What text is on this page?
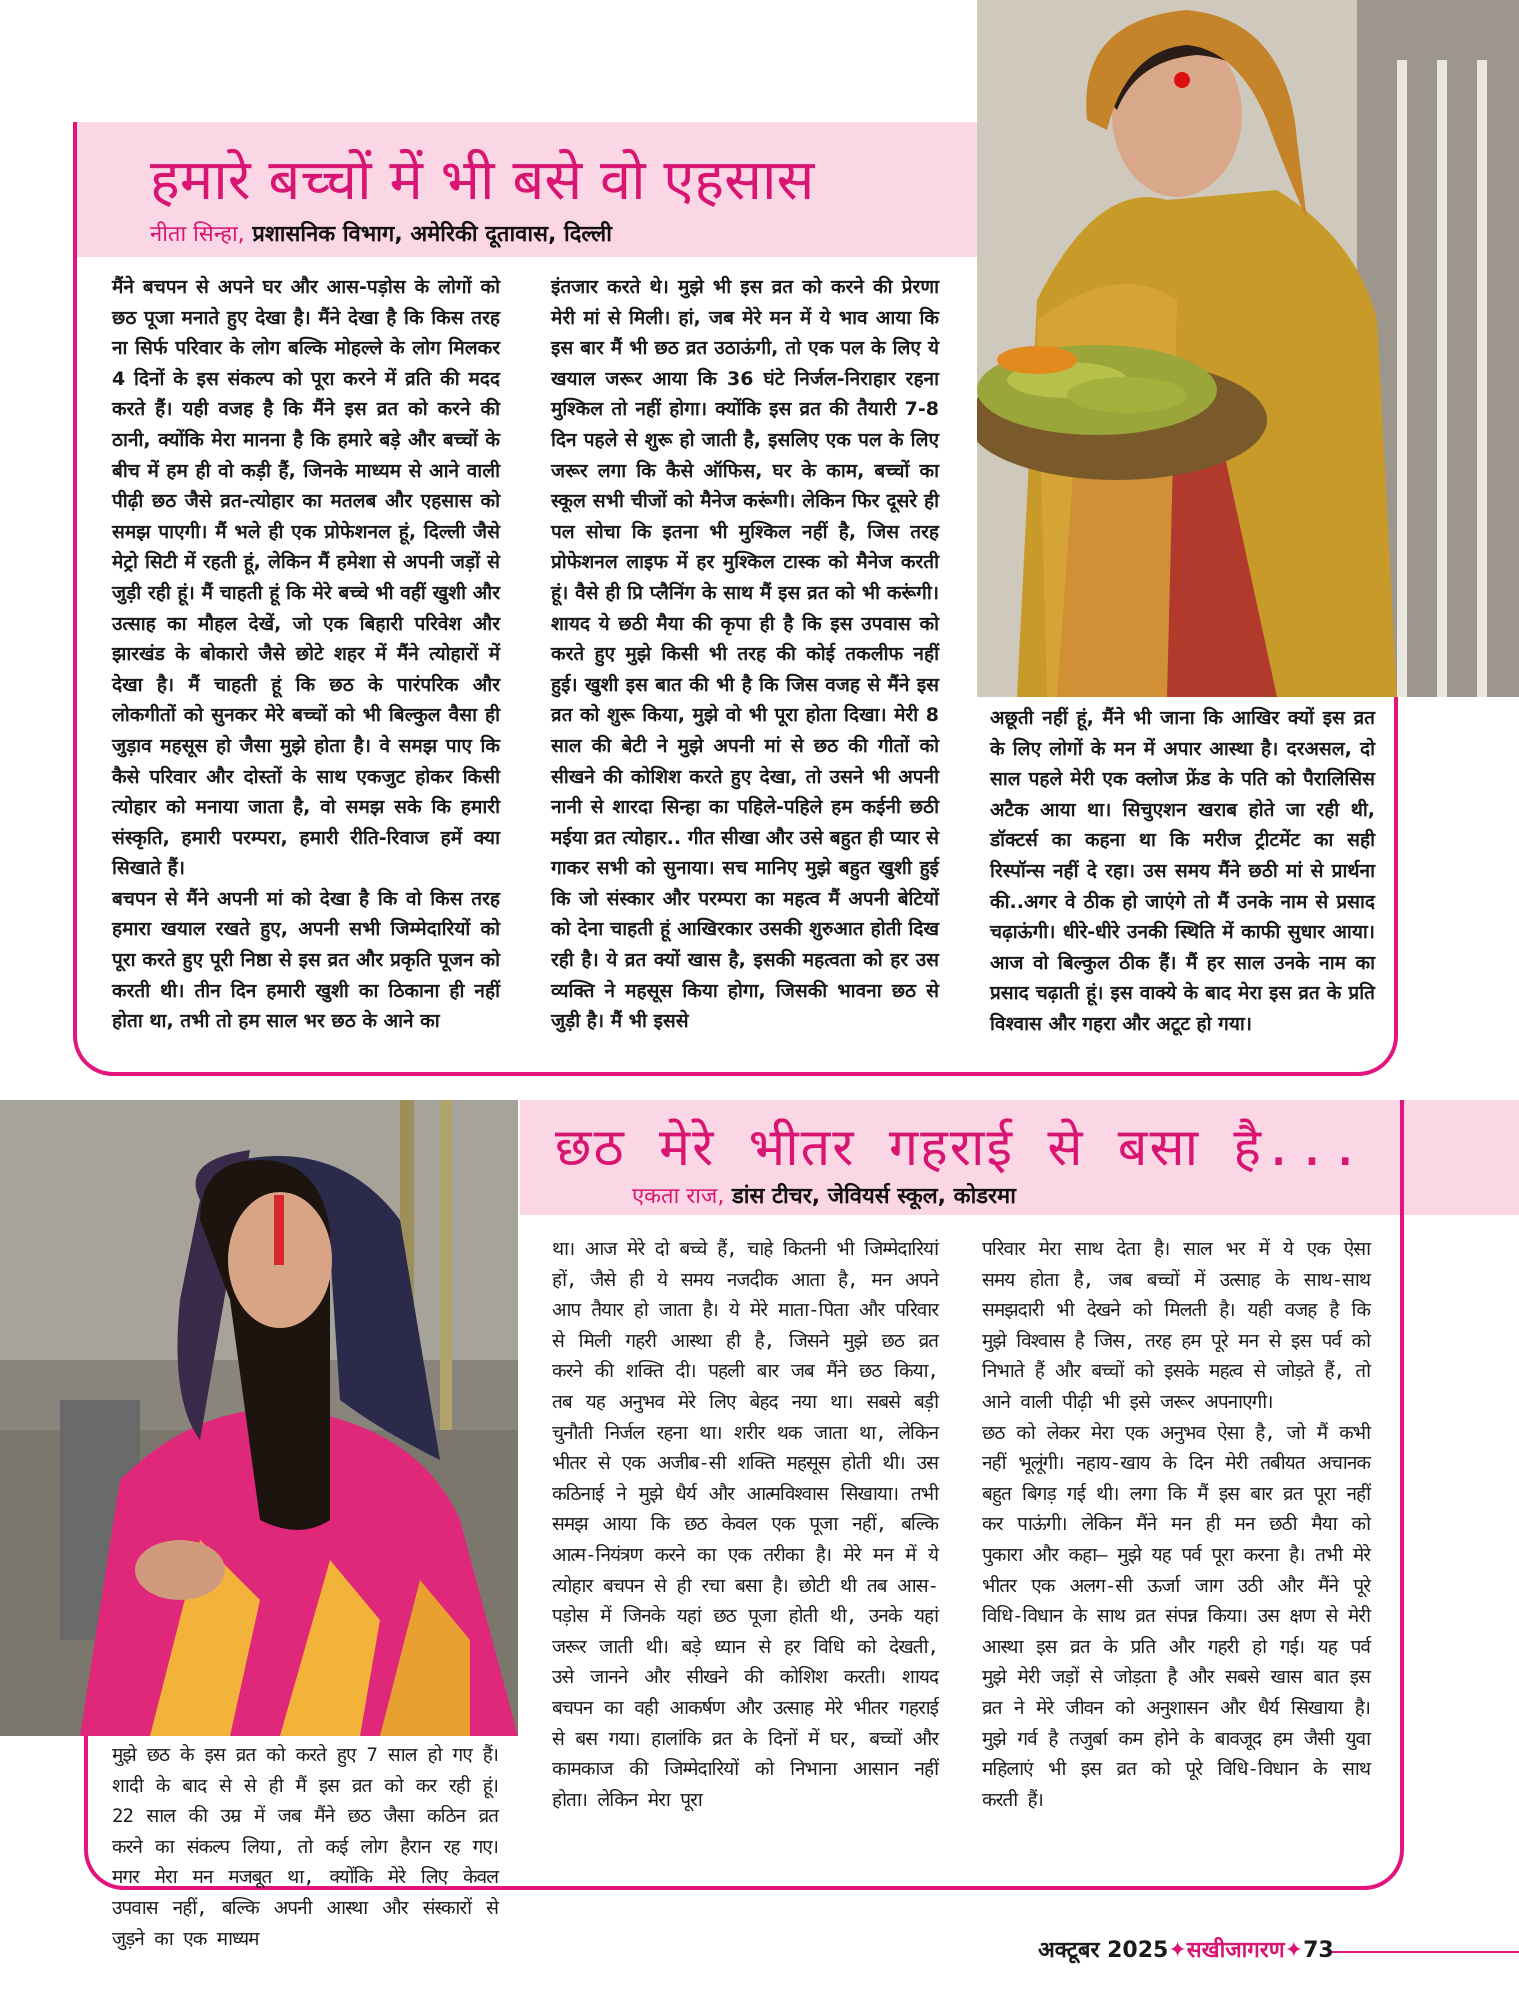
हमारे बच्चों में भी बसे वो एहसास
नीता सिन्हा, प्रशासनिक विभाग, अमेरिकी दूतावास, दिल्ली
मैंने बचपन से अपने घर और आस-पड़ोस के लोगों को छठ पूजा मनाते हुए देखा है। मैंने देखा है कि किस तरह ना सिर्फ परिवार के लोग बल्कि मोहल्ले के लोग मिलकर 4 दिनों के इस संकल्प को पूरा करने में व्रति की मदद करते हैं। यही वजह है कि मैंने इस व्रत को करने की ठानी, क्योंकि मेरा मानना है कि हमारे बड़े और बच्चों के बीच में हम ही वो कड़ी हैं, जिनके माध्यम से आने वाली पीढ़ी छठ जैसे व्रत-त्योहार का मतलब और एहसास को समझ पाएगी। मैं भले ही एक प्रोफेशनल हूं, दिल्ली जैसे मेट्रो सिटी में रहती हूं, लेकिन मैं हमेशा से अपनी जड़ों से जुड़ी रही हूं। मैं चाहती हूं कि मेरे बच्चे भी वहीं खुशी और उत्साह का मौहल देखें, जो एक बिहारी परिवेश और झारखंड के बोकारो जैसे छोटे शहर में मैंने त्योहारों में देखा है। मैं चाहती हूं कि छठ के पारंपरिक और लोकगीतों को सुनकर मेरे बच्चों को भी बिल्कुल वैसा ही जुड़ाव महसूस हो जैसा मुझे होता है। वे समझ पाए कि कैसे परिवार और दोस्तों के साथ एकजुट होकर किसी त्योहार को मनाया जाता है, वो समझ सके कि हमारी संस्कृति, हमारी परम्परा, हमारी रीति-रिवाज हमें क्या सिखाते हैं।
बचपन से मैंने अपनी मां को देखा है कि वो किस तरह हमारा खयाल रखते हुए, अपनी सभी जिम्मेदारियों को पूरा करते हुए पूरी निष्ठा से इस व्रत और प्रकृति पूजन को करती थी। तीन दिन हमारी खुशी का ठिकाना ही नहीं होता था, तभी तो हम साल भर छठ के आने का
इंतजार करते थे। मुझे भी इस व्रत को करने की प्रेरणा मेरी मां से मिली। हां, जब मेरे मन में ये भाव आया कि इस बार मैं भी छठ व्रत उठाऊंगी, तो एक पल के लिए ये खयाल जरूर आया कि 36 घंटे निर्जल-निराहार रहना मुश्किल तो नहीं होगा। क्योंकि इस व्रत की तैयारी 7-8 दिन पहले से शुरू हो जाती है, इसलिए एक पल के लिए जरूर लगा कि कैसे ऑफिस, घर के काम, बच्चों का स्कूल सभी चीजों को मैनेज करूंगी। लेकिन फिर दूसरे ही पल सोचा कि इतना भी मुश्किल नहीं है, जिस तरह प्रोफेशनल लाइफ में हर मुश्किल टास्क को मैनेज करती हूं। वैसे ही प्रि प्लैनिंग के साथ मैं इस व्रत को भी करूंगी। शायद ये छठी मैया की कृपा ही है कि इस उपवास को करते हुए मुझे किसी भी तरह की कोई तकलीफ नहीं हुई। खुशी इस बात की भी है कि जिस वजह से मैंने इस व्रत को शुरू किया, मुझे वो भी पूरा होता दिखा। मेरी 8 साल की बेटी ने मुझे अपनी मां से छठ की गीतों को सीखने की कोशिश करते हुए देखा, तो उसने भी अपनी नानी से शारदा सिन्हा का पहिले-पहिले हम कईनी छठी मईया व्रत त्योहार.. गीत सीखा और उसे बहुत ही प्यार से गाकर सभी को सुनाया। सच मानिए मुझे बहुत खुशी हुई कि जो संस्कार और परम्परा का महत्व मैं अपनी बेटियों को देना चाहती हूं आखिरकार उसकी शुरुआत होती दिख रही है। ये व्रत क्यों खास है, इसकी महत्वता को हर उस व्यक्ति ने महसूस किया होगा, जिसकी भावना छठ से जुड़ी है। मैं भी इससे
अछूती नहीं हूं, मैंने भी जाना कि आखिर क्यों इस व्रत के लिए लोगों के मन में अपार आस्था है। दरअसल, दो साल पहले मेरी एक क्लोज फ्रेंड के पति को पैरालिसिस अटैक आया था। सिचुएशन खराब होते जा रही थी, डॉक्टर्स का कहना था कि मरीज ट्रीटमेंट का सही रिस्पॉन्स नहीं दे रहा। उस समय मैंने छठी मां से प्रार्थना की..अगर वे ठीक हो जाएंगे तो मैं उनके नाम से प्रसाद चढ़ाऊंगी। धीरे-धीरे उनकी स्थिति में काफी सुधार आया। आज वो बिल्कुल ठीक हैं। मैं हर साल उनके नाम का प्रसाद चढ़ाती हूं। इस वाक्ये के बाद मेरा इस व्रत के प्रति विश्वास और गहरा और अटूट हो गया।
छठ मेरे भीतर गहराई से बसा है...
एकता राज, डांस टीचर, जेवियर्स स्कूल, कोडरमा
मुझे छठ के इस व्रत को करते हुए 7 साल हो गए हैं। शादी के बाद से से ही मैं इस व्रत को कर रही हूं। 22 साल की उम्र में जब मैंने छठ जैसा कठिन व्रत करने का संकल्प लिया, तो कई लोग हैरान रह गए। मगर मेरा मन मजबूत था, क्योंकि मेरे लिए केवल उपवास नहीं, बल्कि अपनी आस्था और संस्कारों से जुड़ने का एक माध्यम
था। आज मेरे दो बच्चे हैं, चाहे कितनी भी जिम्मेदारियां हों, जैसे ही ये समय नजदीक आता है, मन अपने आप तैयार हो जाता है। ये मेरे माता-पिता और परिवार से मिली गहरी आस्था ही है, जिसने मुझे छठ व्रत करने की शक्ति दी। पहली बार जब मैंने छठ किया, तब यह अनुभव मेरे लिए बेहद नया था। सबसे बड़ी चुनौती निर्जल रहना था। शरीर थक जाता था, लेकिन भीतर से एक अजीब-सी शक्ति महसूस होती थी। उस कठिनाई ने मुझे धैर्य और आत्मविश्वास सिखाया। तभी समझ आया कि छठ केवल एक पूजा नहीं, बल्कि आत्म-नियंत्रण करने का एक तरीका है। मेरे मन में ये त्योहार बचपन से ही रचा बसा है। छोटी थी तब आस-पड़ोस में जिनके यहां छठ पूजा होती थी, उनके यहां जरूर जाती थी। बड़े ध्यान से हर विधि को देखती, उसे जानने और सीखने की कोशिश करती। शायद बचपन का वही आकर्षण और उत्साह मेरे भीतर गहराई से बस गया। हालांकि व्रत के दिनों में घर, बच्चों और कामकाज की जिम्मेदारियों को निभाना आसान नहीं होता। लेकिन मेरा पूरा
परिवार मेरा साथ देता है। साल भर में ये एक ऐसा समय होता है, जब बच्चों में उत्साह के साथ-साथ समझदारी भी देखने को मिलती है। यही वजह है कि मुझे विश्वास है जिस, तरह हम पूरे मन से इस पर्व को निभाते हैं और बच्चों को इसके महत्व से जोड़ते हैं, तो आने वाली पीढ़ी भी इसे जरूर अपनाएगी।
छठ को लेकर मेरा एक अनुभव ऐसा है, जो मैं कभी नहीं भूलूंगी। नहाय-खाय के दिन मेरी तबीयत अचानक बहुत बिगड़ गई थी। लगा कि मैं इस बार व्रत पूरा नहीं कर पाऊंगी। लेकिन मैंने मन ही मन छठी मैया को पुकारा और कहा— मुझे यह पर्व पूरा करना है। तभी मेरे भीतर एक अलग-सी ऊर्जा जाग उठी और मैंने पूरे विधि-विधान के साथ व्रत संपन्न किया। उस क्षण से मेरी आस्था इस व्रत के प्रति और गहरी हो गई। यह पर्व मुझे मेरी जड़ों से जोड़ता है और सबसे खास बात इस व्रत ने मेरे जीवन को अनुशासन और धैर्य सिखाया है। मुझे गर्व है तजुर्बा कम होने के बावजूद हम जैसी युवा महिलाएं भी इस व्रत को पूरे विधि-विधान के साथ करती हैं।
अक्टूबर 2025✦सखीजागरण✦73
